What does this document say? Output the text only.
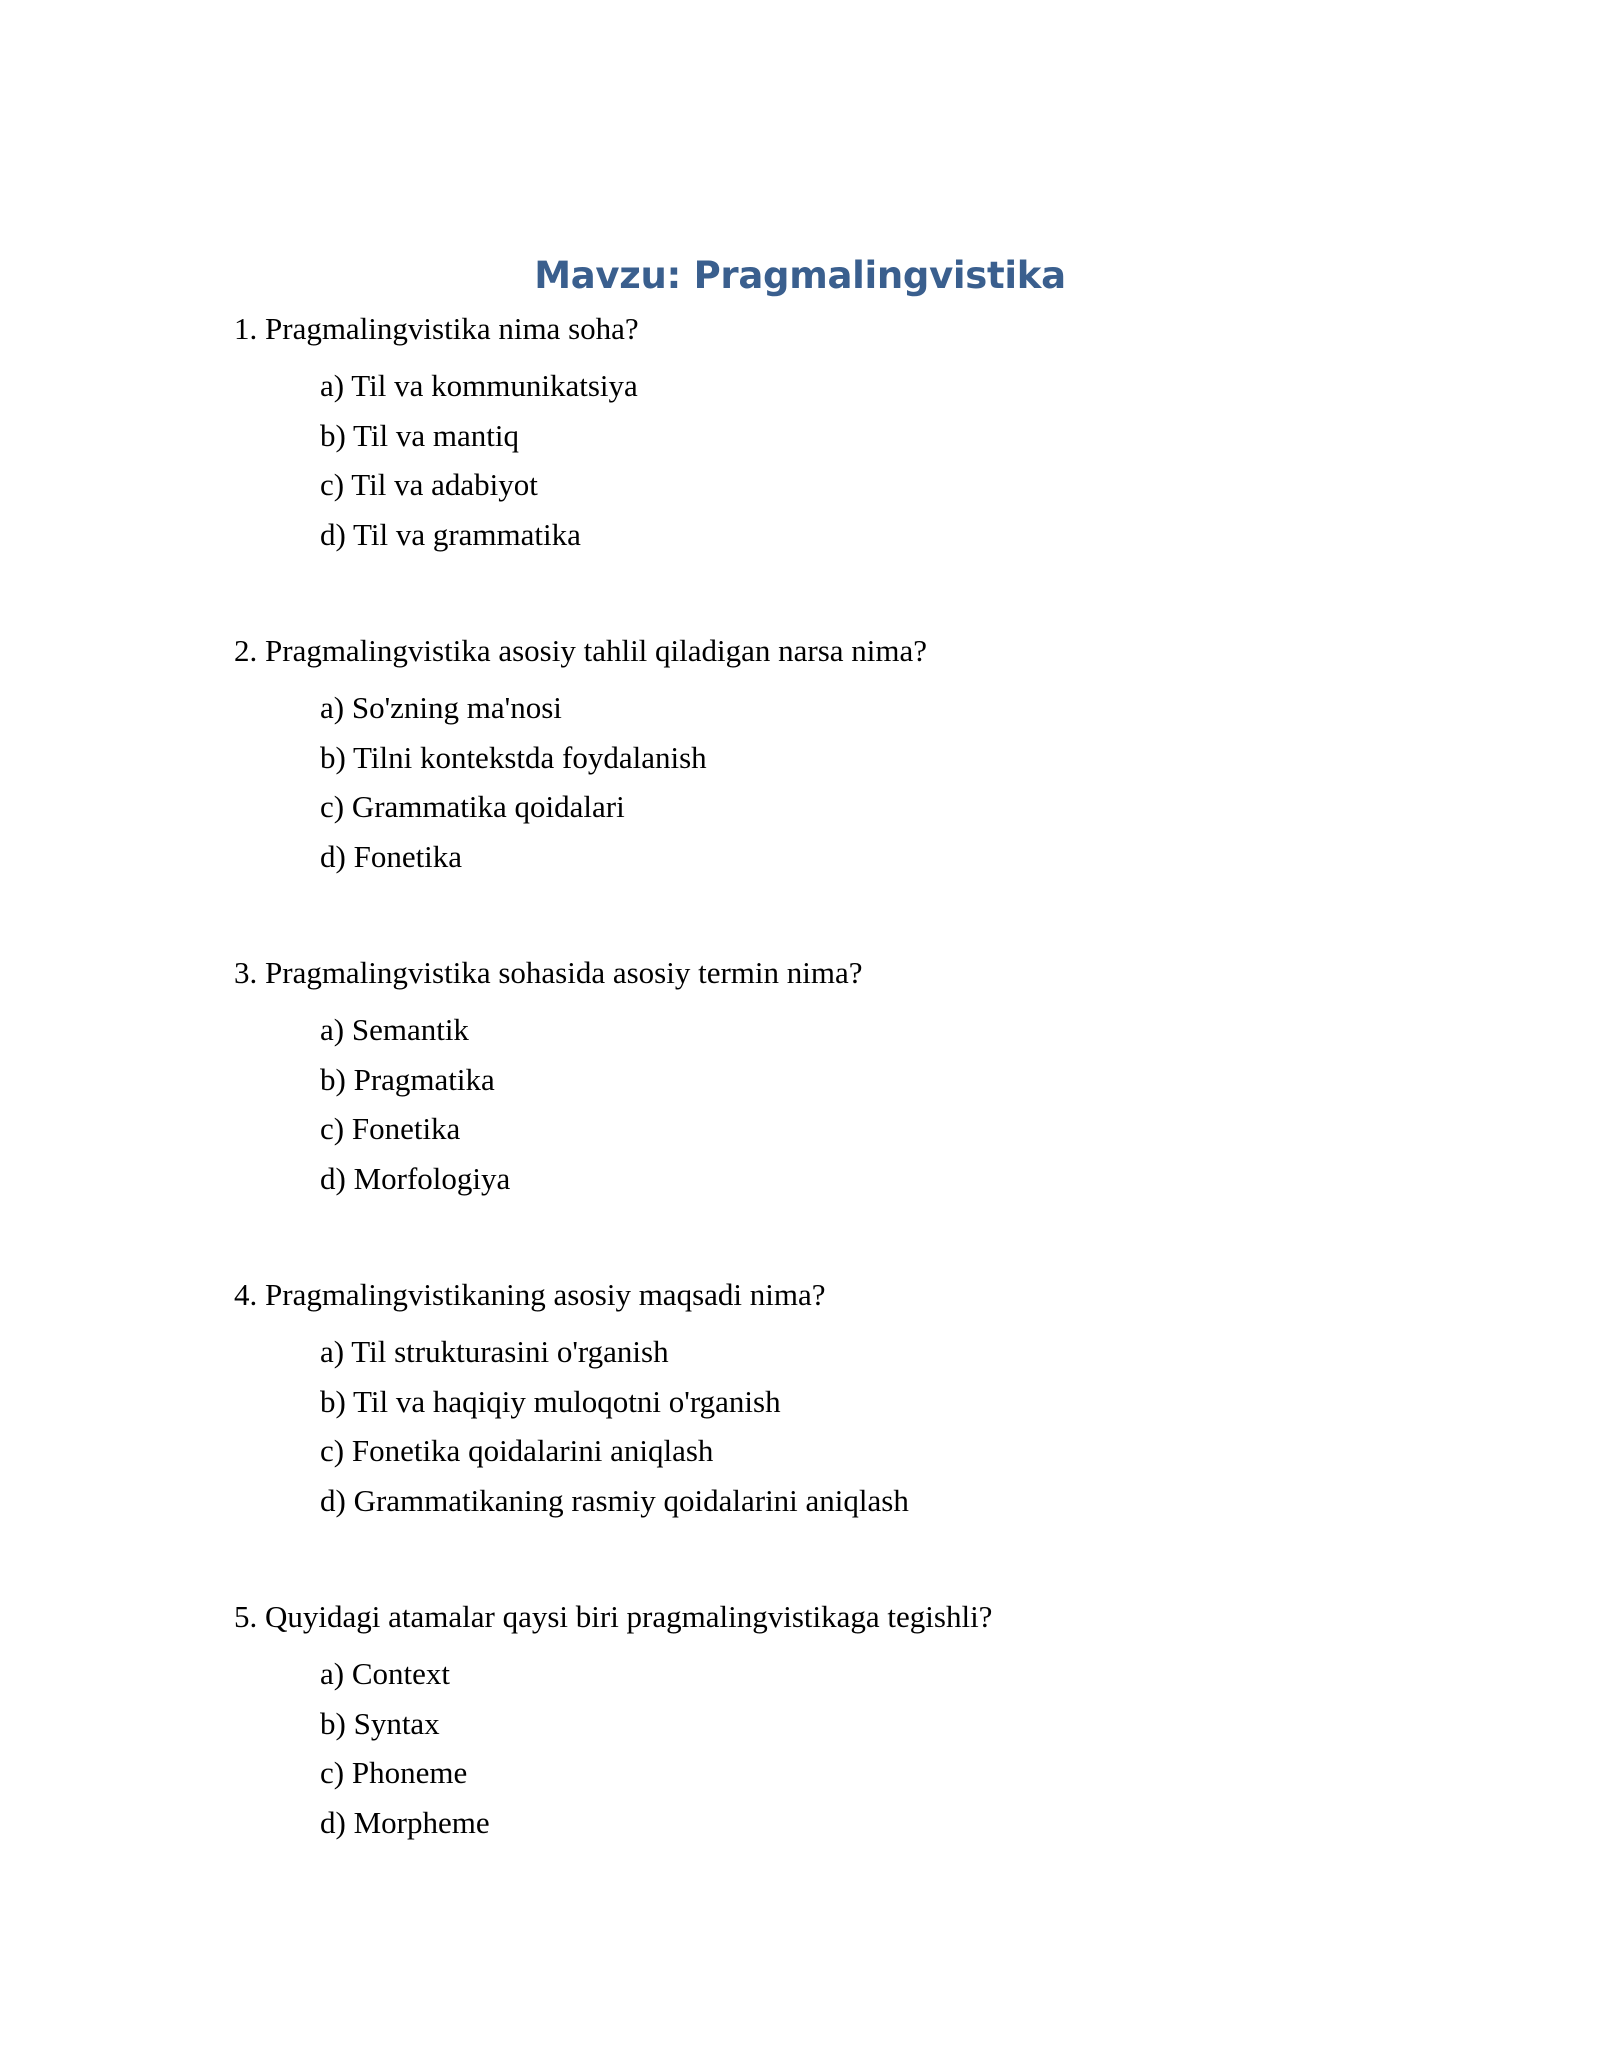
Mavzu: Pragmalingvistika
1. Pragmalingvistika nima soha?
a) Til va kommunikatsiya
b) Til va mantiq
c) Til va adabiyot
d) Til va grammatika
2. Pragmalingvistika asosiy tahlil qiladigan narsa nima?
a) So'zning ma'nosi
b) Tilni kontekstda foydalanish
c) Grammatika qoidalari
d) Fonetika
3. Pragmalingvistika sohasida asosiy termin nima?
a) Semantik
b) Pragmatika
c) Fonetika
d) Morfologiya
4. Pragmalingvistikaning asosiy maqsadi nima?
a) Til strukturasini o'rganish
b) Til va haqiqiy muloqotni o'rganish
c) Fonetika qoidalarini aniqlash
d) Grammatikaning rasmiy qoidalarini aniqlash
5. Quyidagi atamalar qaysi biri pragmalingvistikaga tegishli?
a) Context
b) Syntax
c) Phoneme
d) Morpheme
